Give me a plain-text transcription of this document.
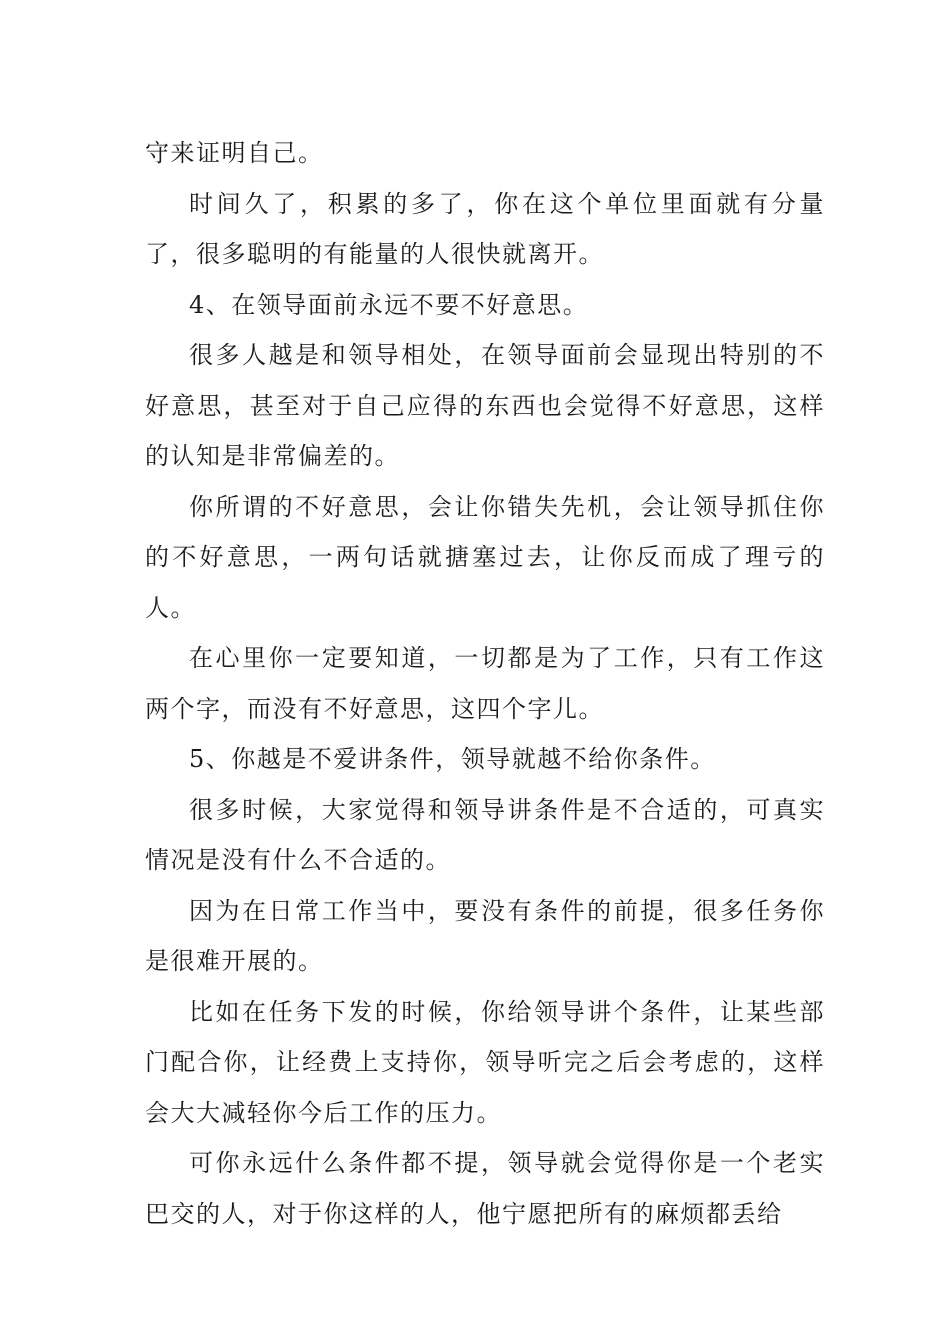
守来证明自己。

时间久了，积累的多了，你在这个单位里面就有分量了，很多聪明的有能量的人很快就离开。

4、在领导面前永远不要不好意思。

很多人越是和领导相处，在领导面前会显现出特别的不好意思，甚至对于自己应得的东西也会觉得不好意思，这样的认知是非常偏差的。

你所谓的不好意思，会让你错失先机，会让领导抓住你的不好意思，一两句话就搪塞过去，让你反而成了理亏的人。

在心里你一定要知道，一切都是为了工作，只有工作这两个字，而没有不好意思，这四个字儿。

5、你越是不爱讲条件，领导就越不给你条件。

很多时候，大家觉得和领导讲条件是不合适的，可真实情况是没有什么不合适的。

因为在日常工作当中，要没有条件的前提，很多任务你是很难开展的。

比如在任务下发的时候，你给领导讲个条件，让某些部门配合你，让经费上支持你，领导听完之后会考虑的，这样会大大减轻你今后工作的压力。

可你永远什么条件都不提，领导就会觉得你是一个老实巴交的人，对于你这样的人，他宁愿把所有的麻烦都丢给
